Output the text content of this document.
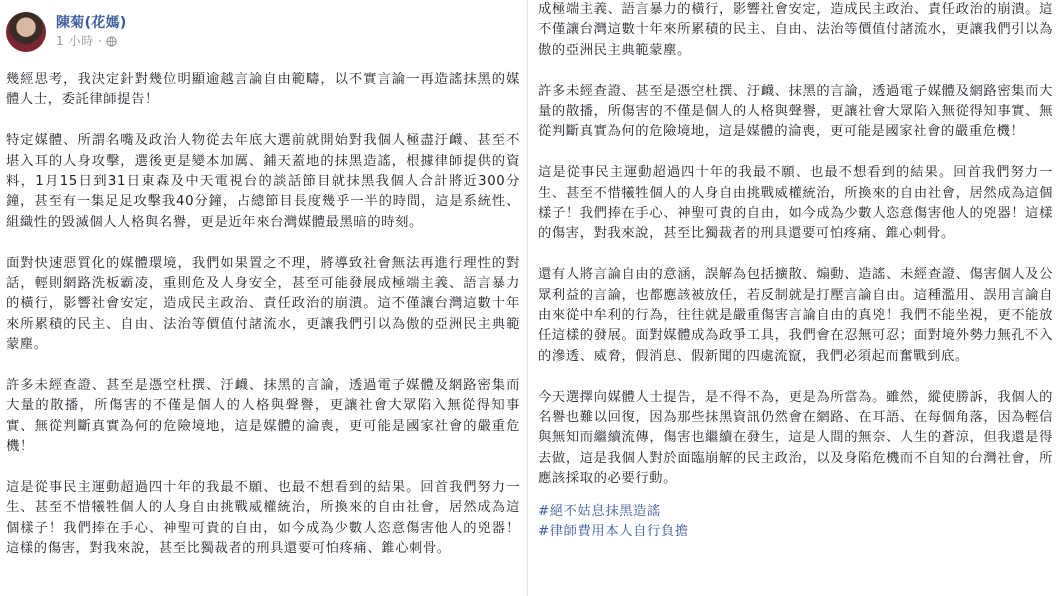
陳菊(花媽)
1 小時 ·

幾經思考，我決定針對幾位明顯逾越言論自由範疇，以不實言論一再造謠抹黑的媒體人士，委託律師提告！

特定媒體、所謂名嘴及政治人物從去年底大選前就開始對我個人極盡汙衊、甚至不堪入耳的人身攻擊，選後更是變本加厲、鋪天蓋地的抹黑造謠，根據律師提供的資料，1月15日到31日東森及中天電視台的談話節目就抹黑我個人合計將近300分鐘，甚至有一集足足攻擊我40分鐘，占總節目長度幾乎一半的時間，這是系統性、組織性的毀滅個人人格與名譽，更是近年來台灣媒體最黑暗的時刻。

面對快速惡質化的媒體環境，我們如果置之不理，將導致社會無法再進行理性的對話，輕則網路洗板霸凌，重則危及人身安全，甚至可能發展成極端主義、語言暴力的橫行，影響社會安定，造成民主政治、責任政治的崩潰。這不僅讓台灣這數十年來所累積的民主、自由、法治等價值付諸流水，更讓我們引以為傲的亞洲民主典範蒙塵。

許多未經查證、甚至是憑空杜撰、汙衊、抹黑的言論，透過電子媒體及網路密集而大量的散播，所傷害的不僅是個人的人格與聲譽，更讓社會大眾陷入無從得知事實、無從判斷真實為何的危險境地，這是媒體的淪喪，更可能是國家社會的嚴重危機！

這是從事民主運動超過四十年的我最不願、也最不想看到的結果。回首我們努力一生、甚至不惜犧牲個人的人身自由挑戰威權統治，所換來的自由社會，居然成為這個樣子！我們捧在手心、神聖可貴的自由，如今成為少數人恣意傷害他人的兇器！這樣的傷害，對我來說，甚至比獨裁者的刑具還要可怕疼痛、錐心刺骨。

成極端主義、語言暴力的橫行，影響社會安定，造成民主政治、責任政治的崩潰。這不僅讓台灣這數十年來所累積的民主、自由、法治等價值付諸流水，更讓我們引以為傲的亞洲民主典範蒙塵。

許多未經查證、甚至是憑空杜撰、汙衊、抹黑的言論，透過電子媒體及網路密集而大量的散播，所傷害的不僅是個人的人格與聲譽，更讓社會大眾陷入無從得知事實、無從判斷真實為何的危險境地，這是媒體的淪喪，更可能是國家社會的嚴重危機！

這是從事民主運動超過四十年的我最不願、也最不想看到的結果。回首我們努力一生、甚至不惜犧牲個人的人身自由挑戰威權統治，所換來的自由社會，居然成為這個樣子！我們捧在手心、神聖可貴的自由，如今成為少數人恣意傷害他人的兇器！這樣的傷害，對我來說，甚至比獨裁者的刑具還要可怕疼痛、錐心刺骨。

還有人將言論自由的意涵，誤解為包括擴散、煽動、造謠、未經查證、傷害個人及公眾利益的言論，也都應該被放任，若反制就是打壓言論自由。這種濫用、誤用言論自由來從中牟利的行為，往往就是嚴重傷害言論自由的真兇！我們不能坐視，更不能放任這樣的發展。面對媒體成為政爭工具，我們會在忍無可忍；面對境外勢力無孔不入的滲透、威脅，假消息、假新聞的四處流竄，我們必須起而奮戰到底。

今天選擇向媒體人士提告，是不得不為，更是為所當為。雖然，縱使勝訴，我個人的名譽也難以回復，因為那些抹黑資訊仍然會在網路、在耳語、在每個角落，因為輕信與無知而繼續流傳，傷害也繼續在發生，這是人間的無奈、人生的蒼涼，但我還是得去做，這是我個人對於面臨崩解的民主政治，以及身陷危機而不自知的台灣社會，所應該採取的必要行動。

#絕不姑息抹黑造謠

#律師費用本人自行負擔
